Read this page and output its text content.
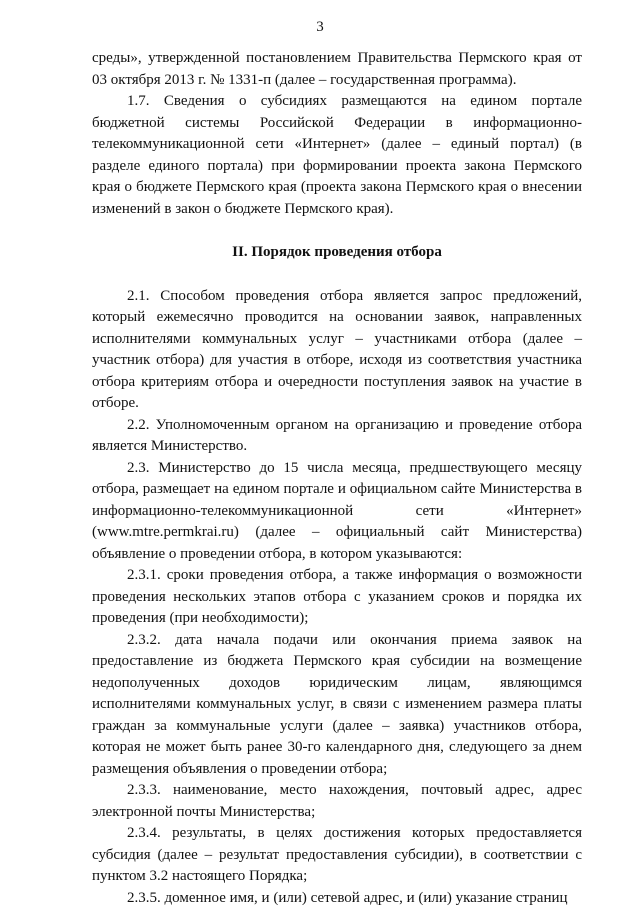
3

среды», утвержденной постановлением Правительства Пермского края от 03 октября 2013 г. № 1331-п (далее – государственная программа).

1.7. Сведения о субсидиях размещаются на едином портале бюджетной системы Российской Федерации в информационно-телекоммуникационной сети «Интернет» (далее – единый портал) (в разделе единого портала) при формировании проекта закона Пермского края о бюджете Пермского края (проекта закона Пермского края о внесении изменений в закон о бюджете Пермского края).

II. Порядок проведения отбора

2.1. Способом проведения отбора является запрос предложений, который ежемесячно проводится на основании заявок, направленных исполнителями коммунальных услуг – участниками отбора (далее – участник отбора) для участия в отборе, исходя из соответствия участника отбора критериям отбора и очередности поступления заявок на участие в отборе.

2.2. Уполномоченным органом на организацию и проведение отбора является Министерство.

2.3. Министерство до 15 числа месяца, предшествующего месяцу отбора, размещает на едином портале и официальном сайте Министерства в информационно-телекоммуникационной сети «Интернет» (www.mtre.permkrai.ru) (далее – официальный сайт Министерства) объявление о проведении отбора, в котором указываются:

2.3.1. сроки проведения отбора, а также информация о возможности проведения нескольких этапов отбора с указанием сроков и порядка их проведения (при необходимости);

2.3.2. дата начала подачи или окончания приема заявок на предоставление из бюджета Пермского края субсидии на возмещение недополученных доходов юридическим лицам, являющимся исполнителями коммунальных услуг, в связи с изменением размера платы граждан за коммунальные услуги (далее – заявка) участников отбора, которая не может быть ранее 30-го календарного дня, следующего за днем размещения объявления о проведении отбора;

2.3.3. наименование, место нахождения, почтовый адрес, адрес электронной почты Министерства;

2.3.4. результаты, в целях достижения которых предоставляется субсидия (далее – результат предоставления субсидии), в соответствии с пунктом 3.2 настоящего Порядка;

2.3.5. доменное имя, и (или) сетевой адрес, и (или) указание страниц
